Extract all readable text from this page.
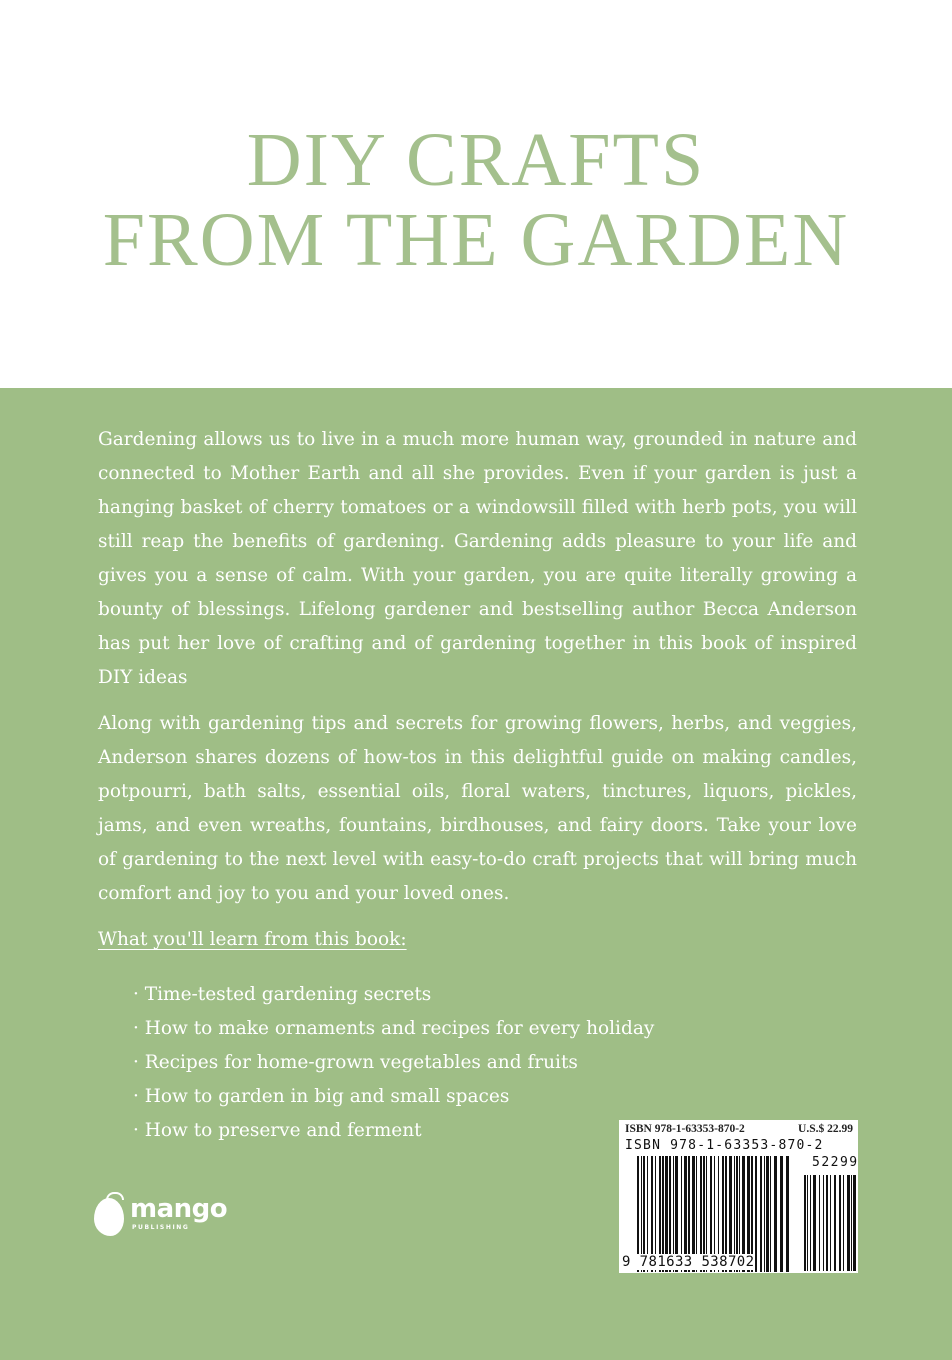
DIY CRAFTS
FROM THE GARDEN
Gardening allows us to live in a much more human way, grounded in nature and connected to Mother Earth and all she provides. Even if your garden is just a hanging basket of cherry tomatoes or a windowsill filled with herb pots, you will still reap the benefits of gardening. Gardening adds pleasure to your life and gives you a sense of calm. With your garden, you are quite literally growing a bounty of blessings. Lifelong gardener and bestselling author Becca Anderson has put her love of crafting and of gardening together in this book of inspired DIY ideas
Along with gardening tips and secrets for growing flowers, herbs, and veggies, Anderson shares dozens of how-tos in this delightful guide on making candles, potpourri, bath salts, essential oils, floral waters, tinctures, liquors, pickles, jams, and even wreaths, fountains, birdhouses, and fairy doors. Take your love of gardening to the next level with easy-to-do craft projects that will bring much comfort and joy to you and your loved ones.
What you'll learn from this book:
· Time-tested gardening secrets
· How to make ornaments and recipes for every holiday
· Recipes for home-grown vegetables and fruits
· How to garden in big and small spaces
· How to preserve and ferment
mango
PUBLISHING
ISBN 978-1-63353-870-2	U.S.$ 22.99
ISBN 978-1-63353-870-2
52299
9 781633 538702
